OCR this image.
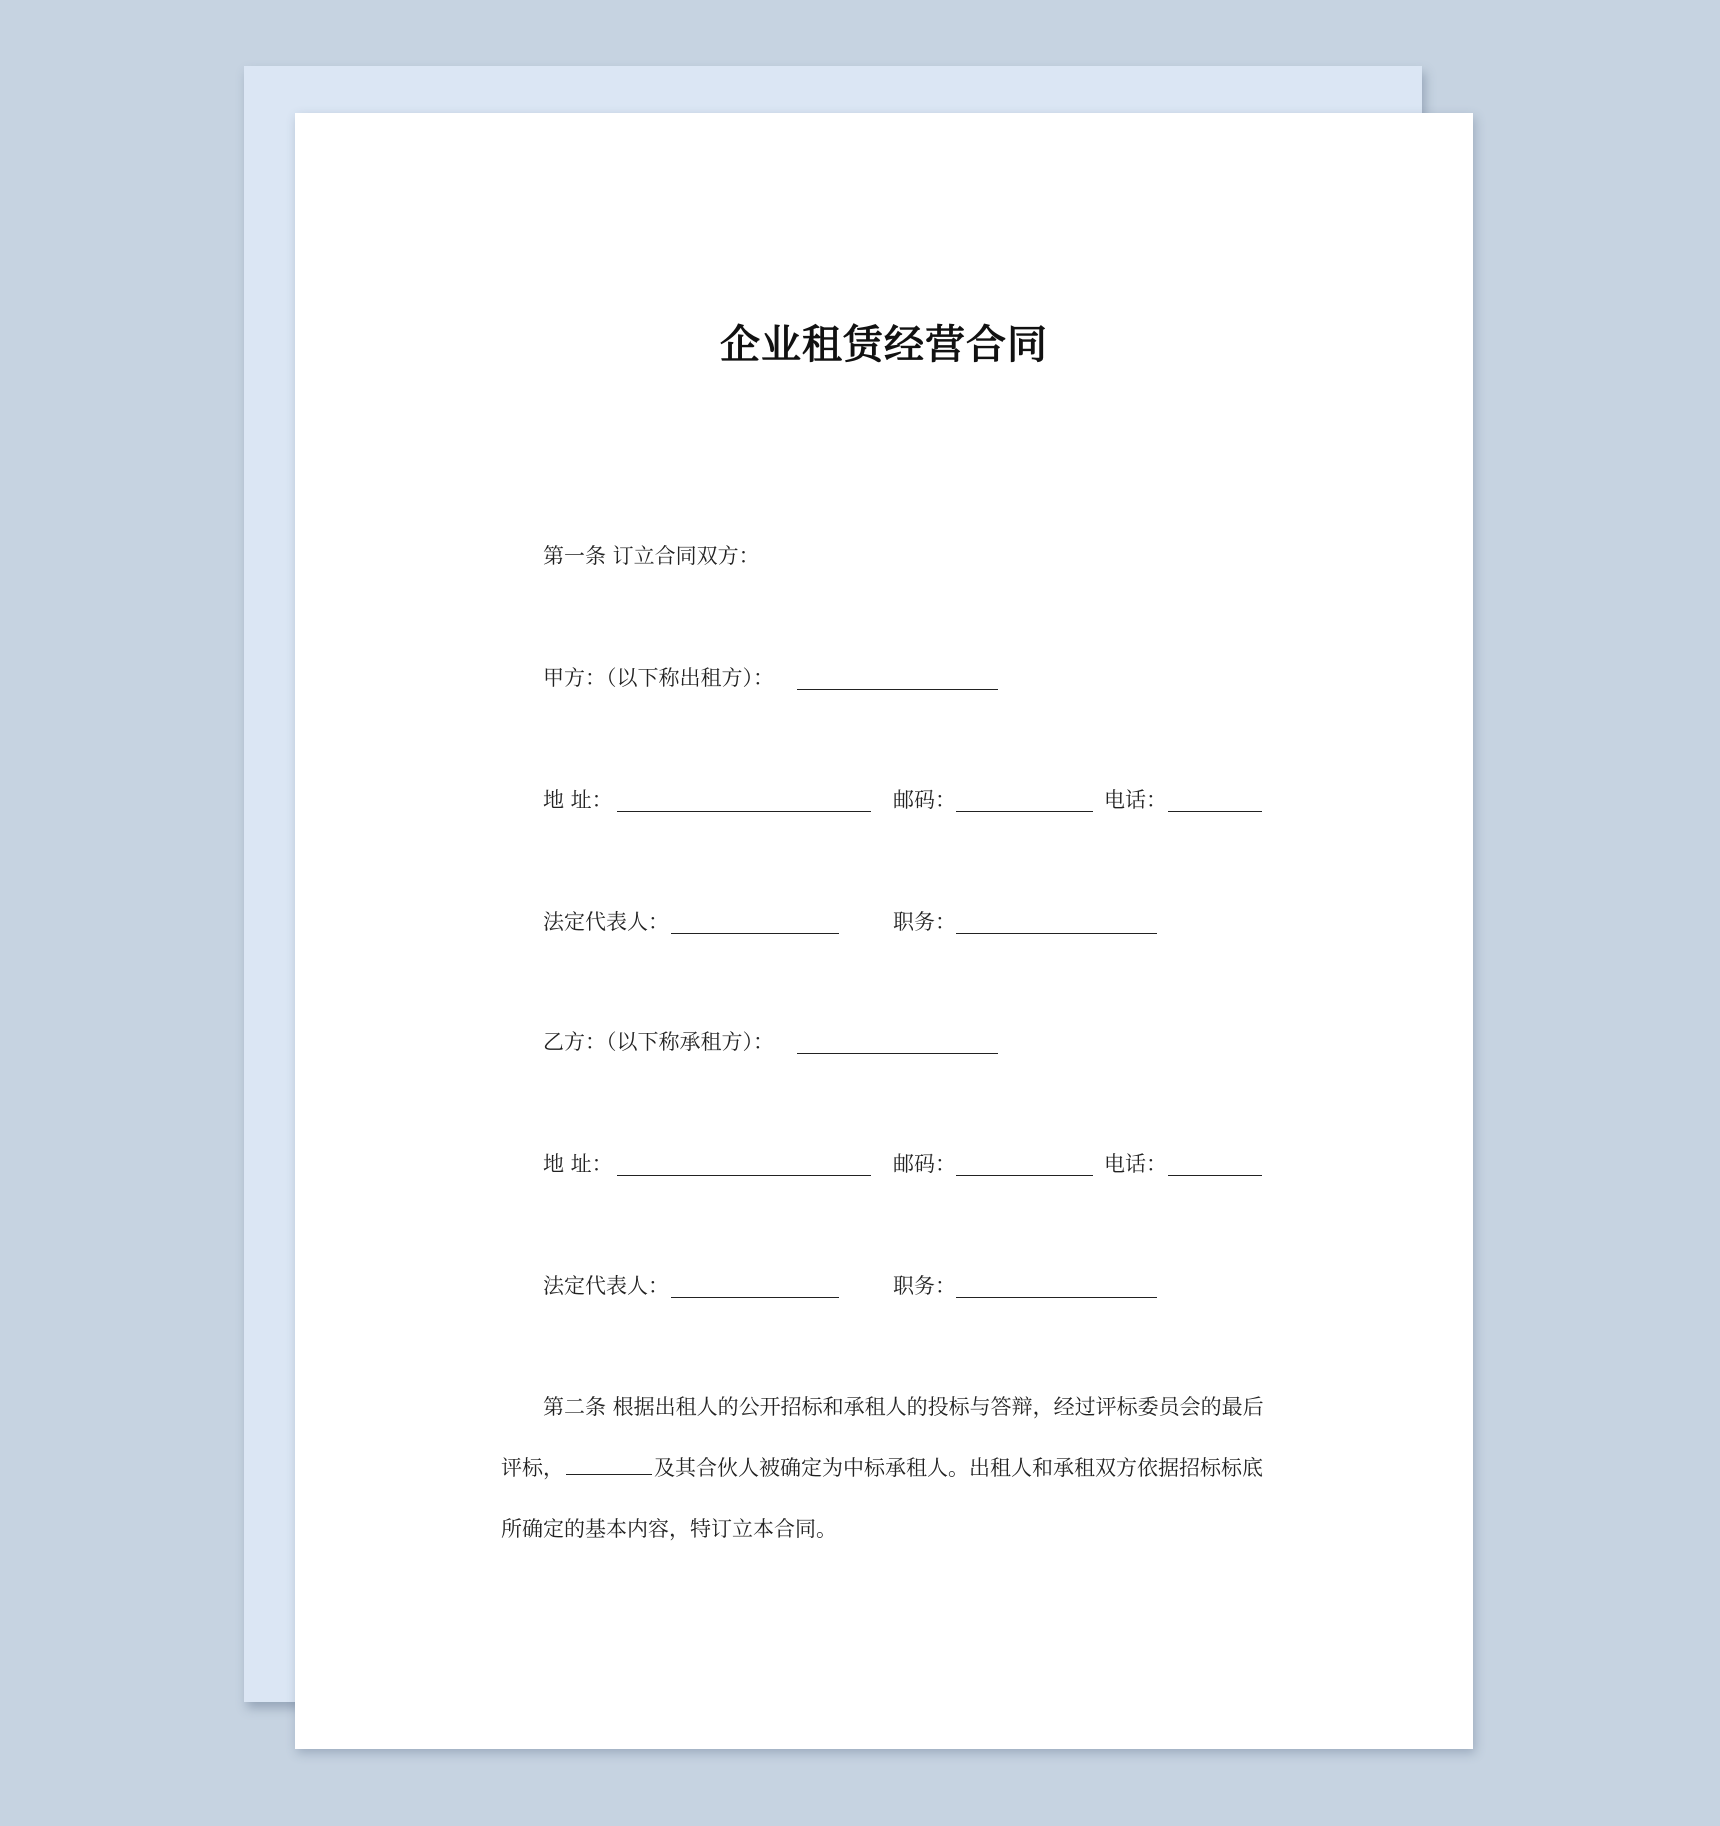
企业租赁经营合同
第一条 订立合同双方：
甲方：（以下称出租方）：
地 址：	邮码：	电话：
法定代表人：	职务：
乙方：（以下称承租方）：
地 址：	邮码：	电话：
法定代表人：	职务：
第二条 根据出租人的公开招标和承租人的投标与答辩，经过评标委员会的最后
评标，	及其合伙人被确定为中标承租人。出租人和承租双方依据招标标底
所确定的基本内容，特订立本合同。
